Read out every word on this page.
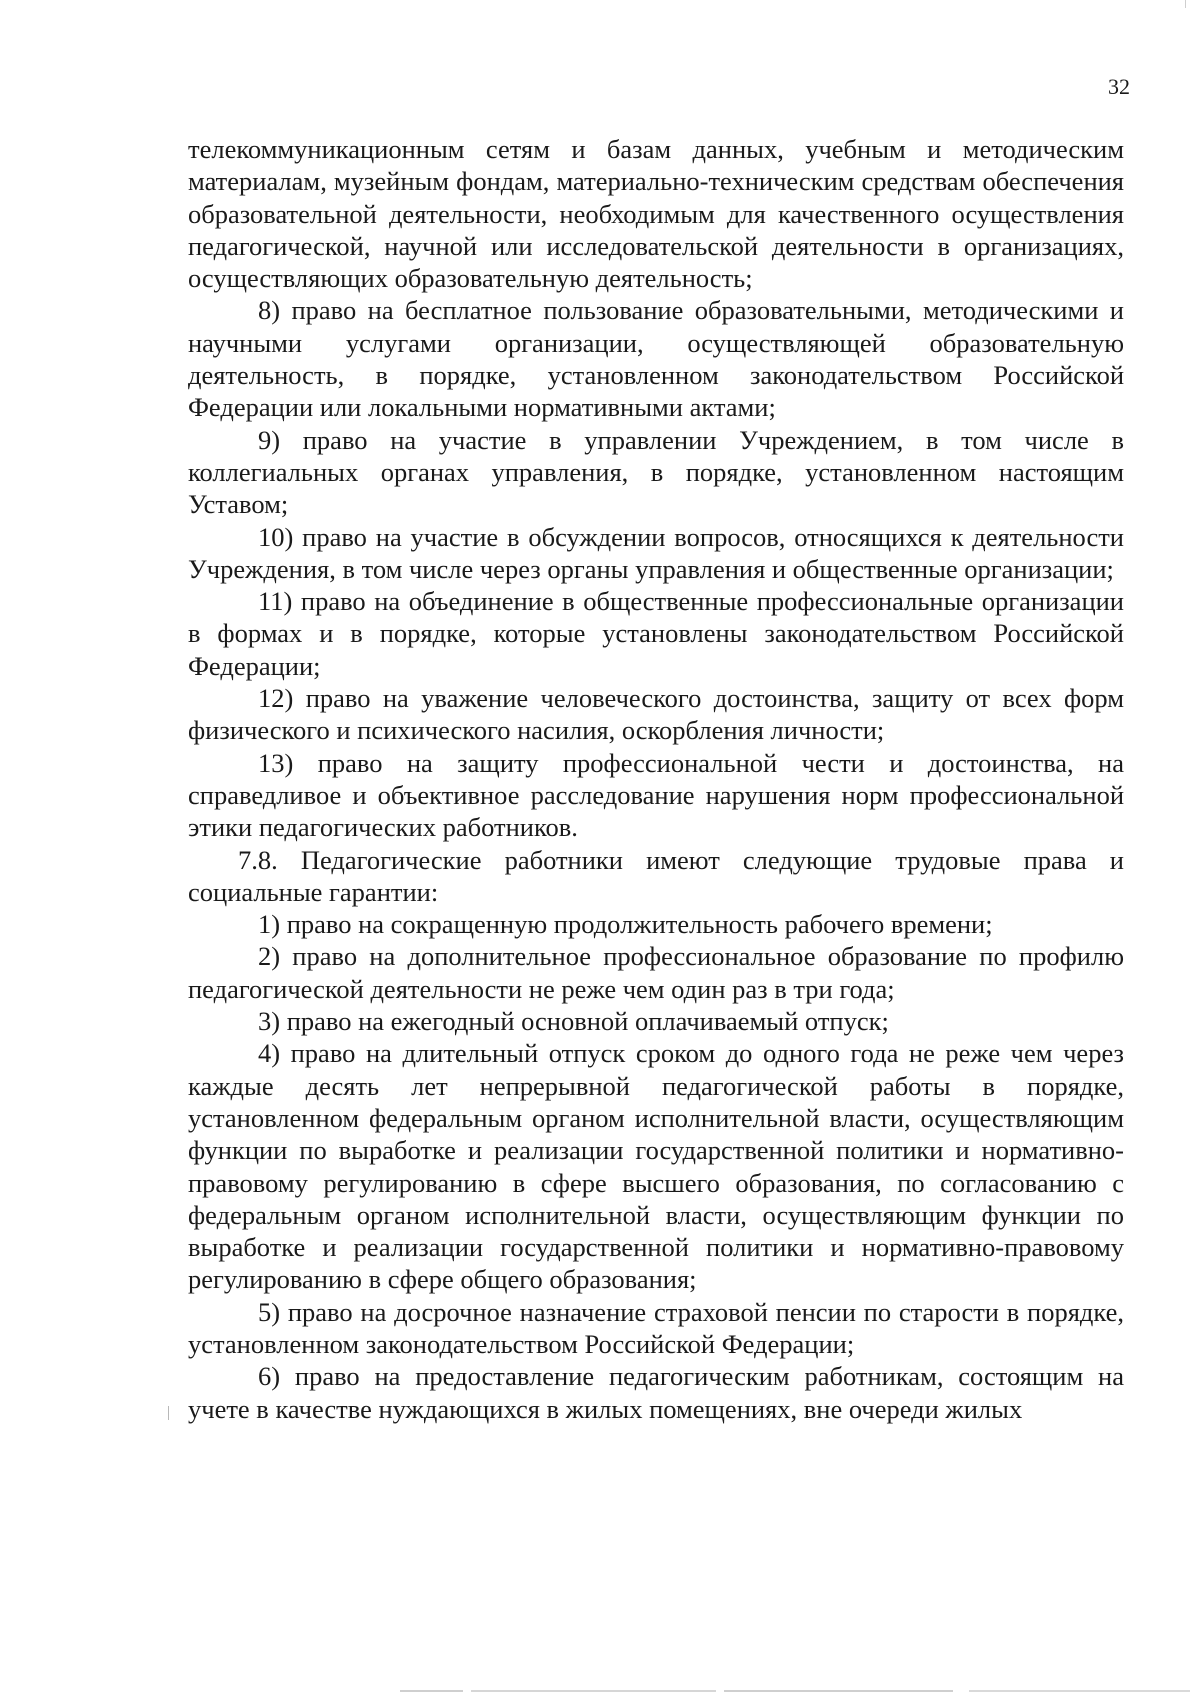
32

телекоммуникационным сетям и базам данных, учебным и методическим материалам, музейным фондам, материально-техническим средствам обеспечения образовательной деятельности, необходимым для качественного осуществления педагогической, научной или исследовательской деятельности в организациях, осуществляющих образовательную деятельность;

8) право на бесплатное пользование образовательными, методическими и научными услугами организации, осуществляющей образовательную деятельность, в порядке, установленном законодательством Российской Федерации или локальными нормативными актами;

9) право на участие в управлении Учреждением, в том числе в коллегиальных органах управления, в порядке, установленном настоящим Уставом;

10) право на участие в обсуждении вопросов, относящихся к деятельности Учреждения, в том числе через органы управления и общественные организации;

11) право на объединение в общественные профессиональные организации в формах и в порядке, которые установлены законодательством Российской Федерации;

12) право на уважение человеческого достоинства, защиту от всех форм физического и психического насилия, оскорбления личности;

13) право на защиту профессиональной чести и достоинства, на справедливое и объективное расследование нарушения норм профессиональной этики педагогических работников.

7.8. Педагогические работники имеют следующие трудовые права и социальные гарантии:

1) право на сокращенную продолжительность рабочего времени;

2) право на дополнительное профессиональное образование по профилю педагогической деятельности не реже чем один раз в три года;

3) право на ежегодный основной оплачиваемый отпуск;

4) право на длительный отпуск сроком до одного года не реже чем через каждые десять лет непрерывной педагогической работы в порядке, установленном федеральным органом исполнительной власти, осуществляющим функции по выработке и реализации государственной политики и нормативно-правовому регулированию в сфере высшего образования, по согласованию с федеральным органом исполнительной власти, осуществляющим функции по выработке и реализации государственной политики и нормативно-правовому регулированию в сфере общего образования;

5) право на досрочное назначение страховой пенсии по старости в порядке, установленном законодательством Российской Федерации;

6) право на предоставление педагогическим работникам, состоящим на учете в качестве нуждающихся в жилых помещениях, вне очереди жилых
